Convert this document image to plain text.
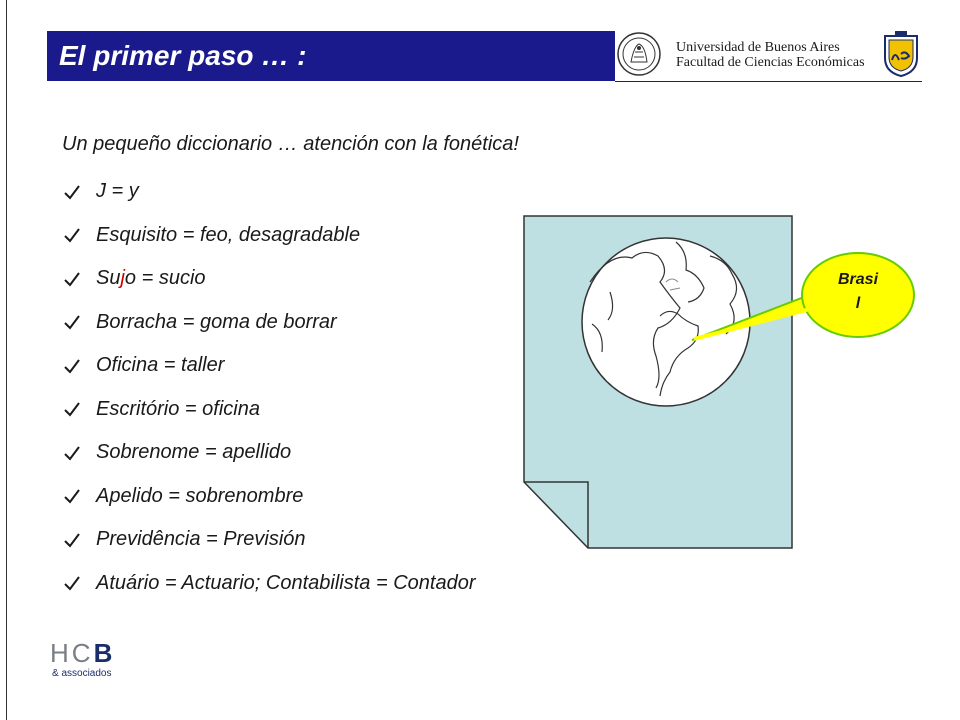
El primer paso … :	Universidad de Buenos Aires
Facultad de Ciencias Económicas
Un pequeño diccionario … atención con la fonética!
J = y
Esquisito = feo, desagradable
Sujo = sucio
Borracha = goma de borrar
Oficina = taller
Escritório = oficina
Sobrenome = apellido
Apelido = sobrenombre
Previdência = Previsión
Atuário = Actuario; Contabilista = Contador
Brasi
l
HCB
& associados
